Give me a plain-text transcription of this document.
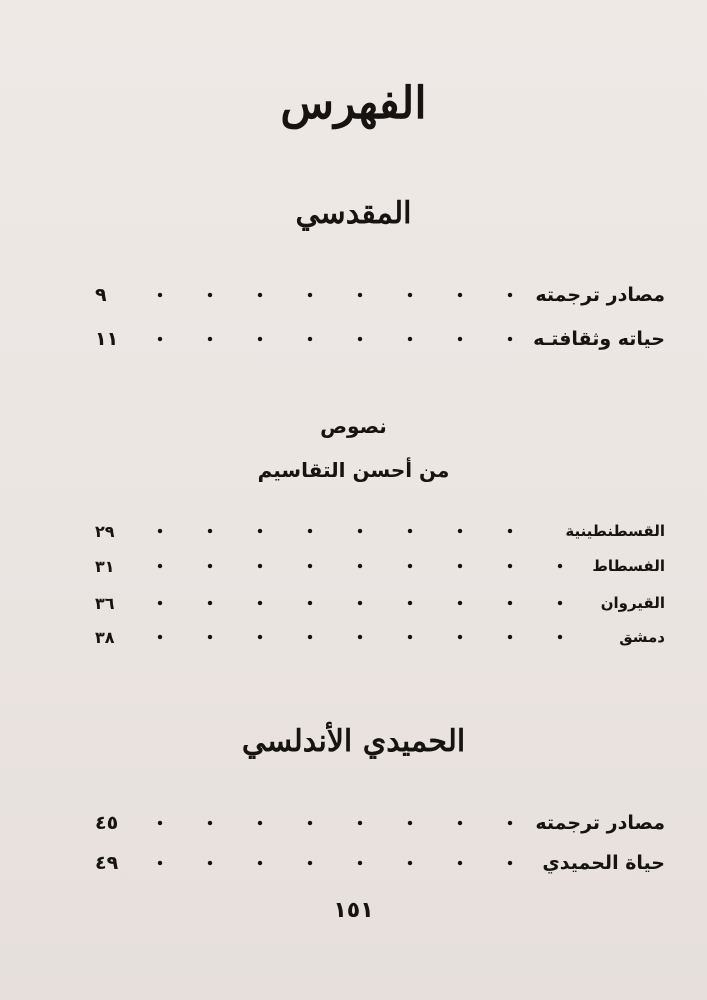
الفهرس
المقدسي
مصادر ترجمته
٩
حياته وثقافتـه
١١
نصوص
من أحسن التقاسيم
القسطنطينية
٢٩
الفسطاط
٣١
القيروان
٣٦
دمشق
٣٨
الحميدي الأندلسي
مصادر ترجمته
٤٥
حياة الحميدي
٤٩
١٥١
